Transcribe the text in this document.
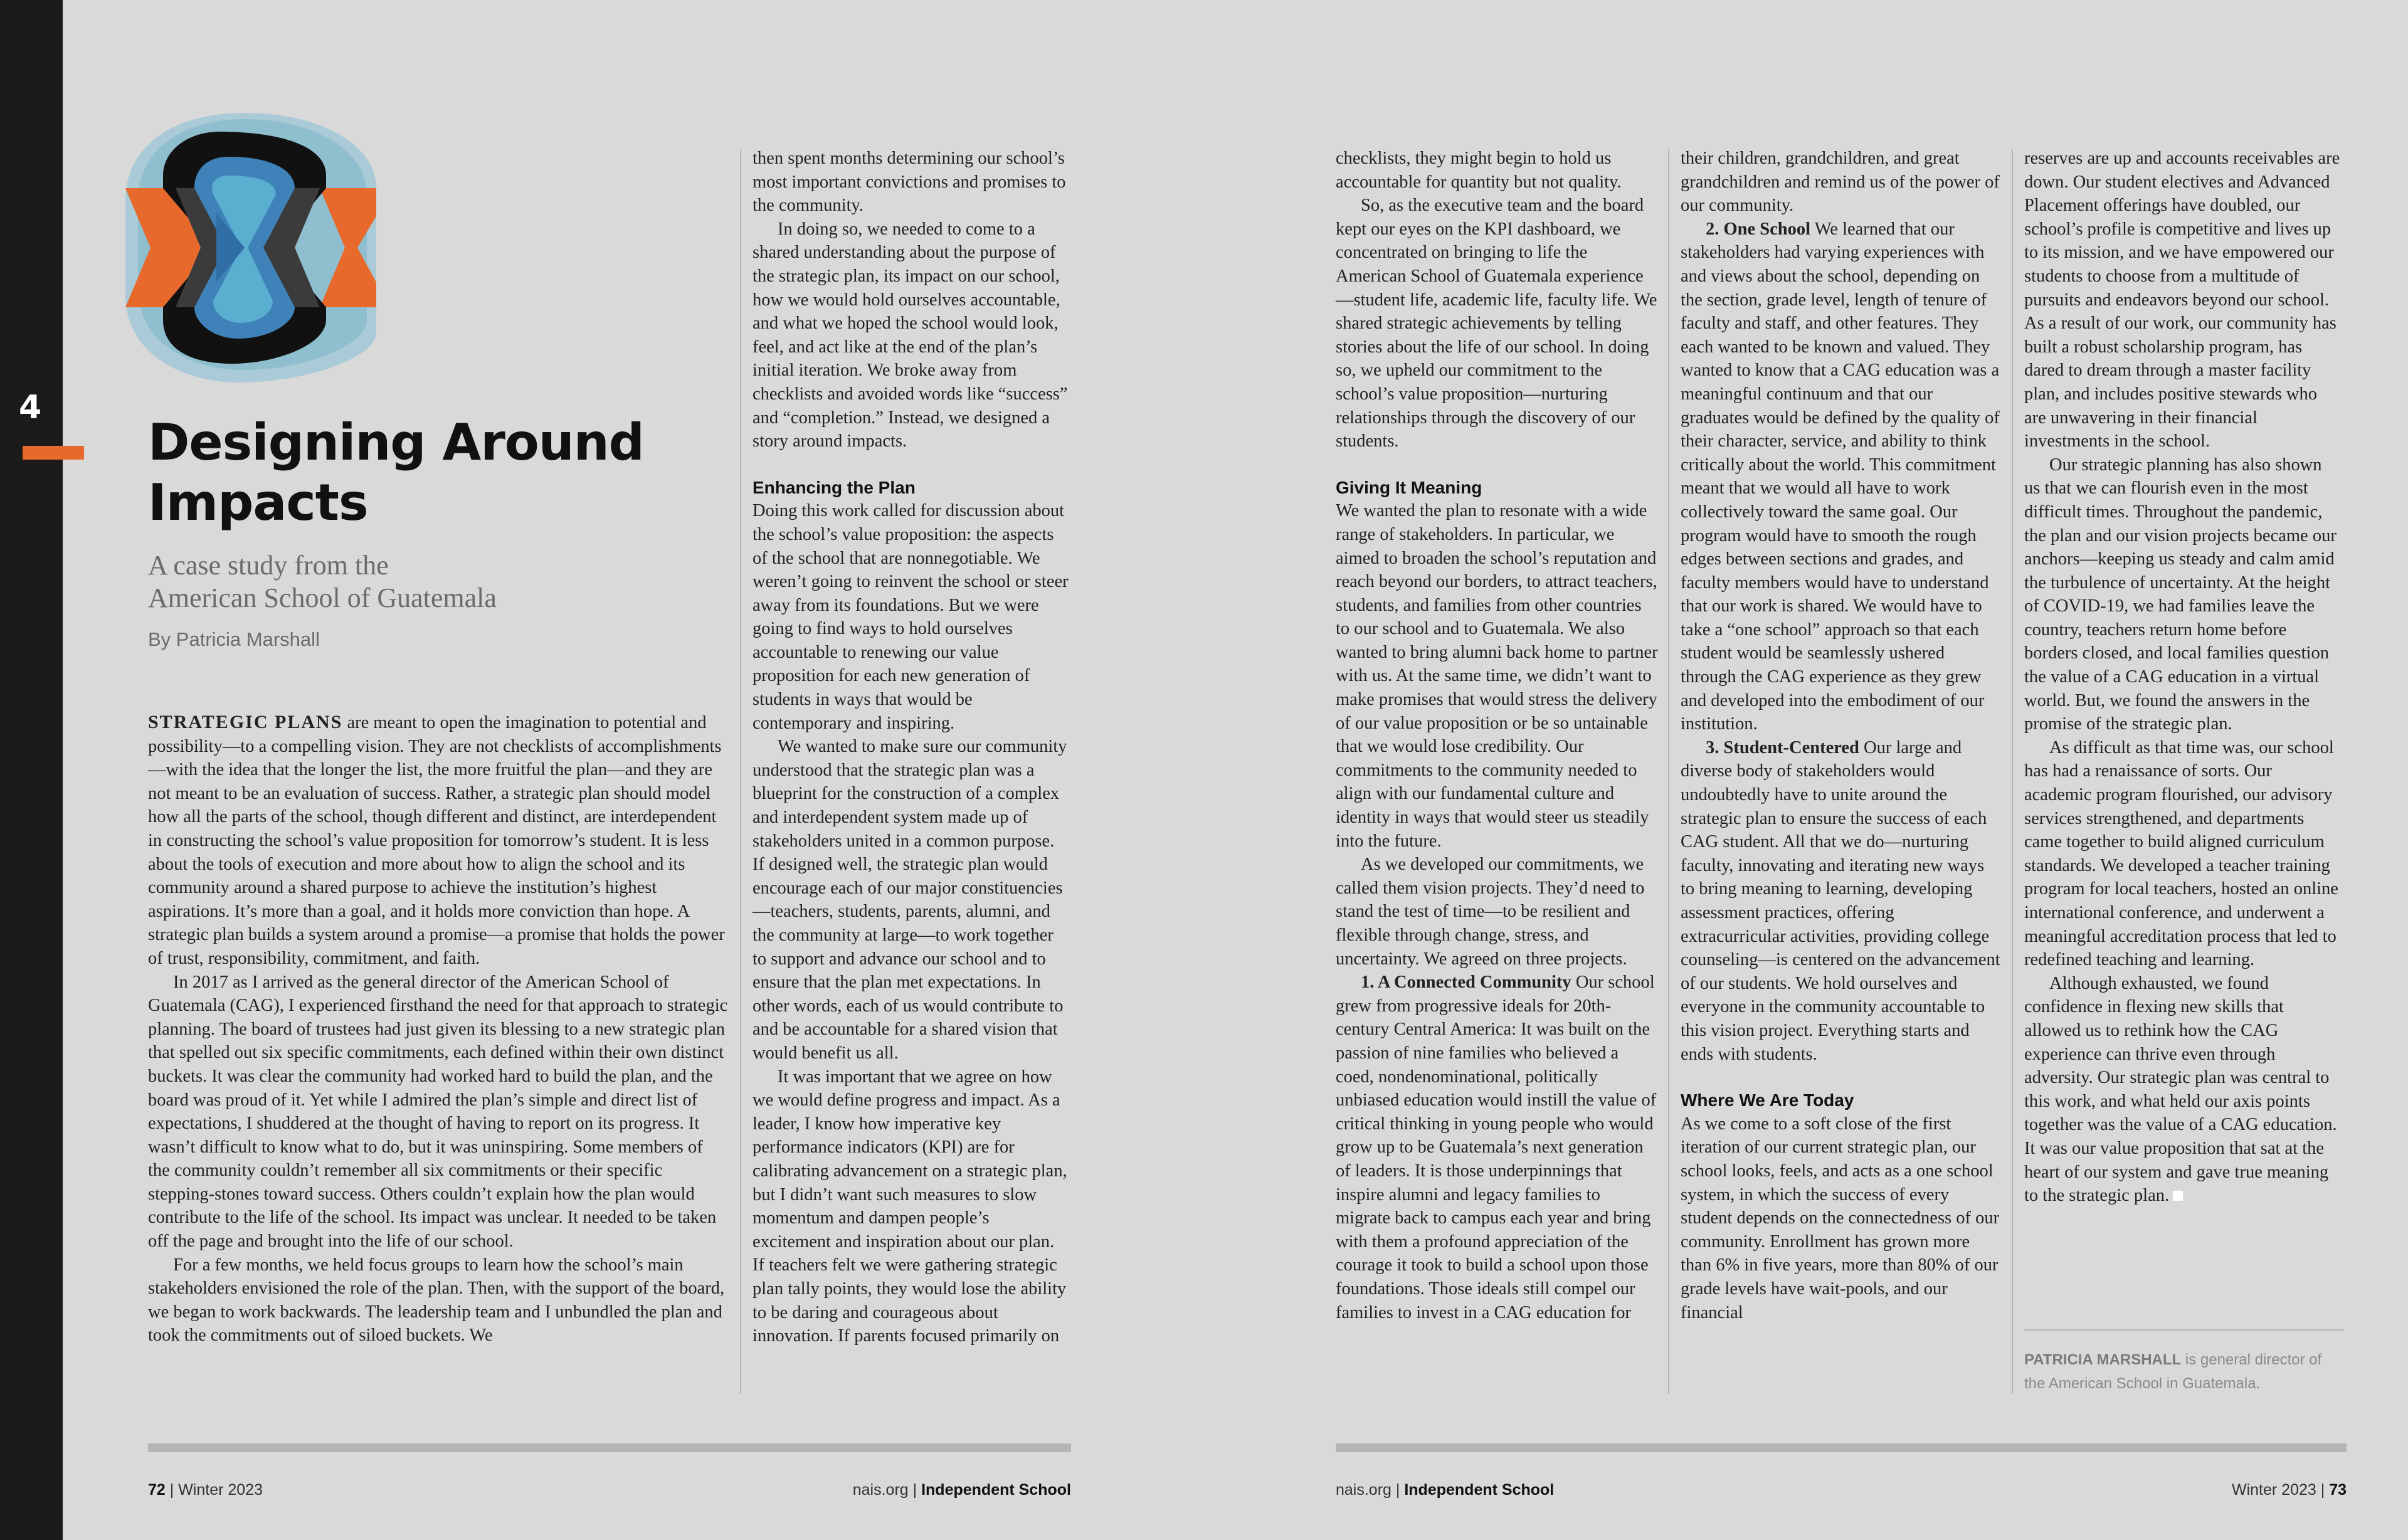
4
Designing Around
Impacts
A case study from the
American School of Guatemala
By Patricia Marshall

STRATEGIC PLANS are meant to open the imagination to potential and possibility—to a compelling vision. They are not checklists of accomplishments—with the idea that the longer the list, the more fruitful the plan—and they are not meant to be an evaluation of success. Rather, a strategic plan should model how all the parts of the school, though different and distinct, are interdependent in constructing the school’s value proposition for tomorrow’s student. It is less about the tools of execution and more about how to align the school and its community around a shared purpose to achieve the institution’s highest aspirations. It’s more than a goal, and it holds more conviction than hope. A strategic plan builds a system around a promise—a promise that holds the power of trust, responsibility, commitment, and faith.

In 2017 as I arrived as the general director of the American School of Guatemala (CAG), I experienced firsthand the need for that approach to strategic planning. The board of trustees had just given its blessing to a new strategic plan that spelled out six specific commitments, each defined within their own distinct buckets. It was clear the community had worked hard to build the plan, and the board was proud of it. Yet while I admired the plan’s simple and direct list of expectations, I shuddered at the thought of having to report on its progress. It wasn’t difficult to know what to do, but it was uninspiring. Some members of the community couldn’t remember all six commitments or their specific stepping-stones toward success. Others couldn’t explain how the plan would contribute to the life of the school. Its impact was unclear. It needed to be taken off the page and brought into the life of our school.

For a few months, we held focus groups to learn how the school’s main stakeholders envisioned the role of the plan. Then, with the support of the board, we began to work backwards. The leadership team and I unbundled the plan and took the commitments out of siloed buckets. We

then spent months determining our school’s most important convictions and promises to the community.

In doing so, we needed to come to a shared understanding about the purpose of the strategic plan, its impact on our school, how we would hold ourselves accountable, and what we hoped the school would look, feel, and act like at the end of the plan’s initial iteration. We broke away from checklists and avoided words like “success” and “completion.” Instead, we designed a story around impacts.

Enhancing the Plan

Doing this work called for discussion about the school’s value proposition: the aspects of the school that are nonnegotiable. We weren’t going to reinvent the school or steer away from its foundations. But we were going to find ways to hold ourselves accountable to renewing our value proposition for each new generation of students in ways that would be contemporary and inspiring.

We wanted to make sure our community understood that the strategic plan was a blueprint for the construction of a complex and interdependent system made up of stakeholders united in a common purpose. If designed well, the strategic plan would encourage each of our major constituencies—teachers, students, parents, alumni, and the community at large—to work together to support and advance our school and to ensure that the plan met expectations. In other words, each of us would contribute to and be accountable for a shared vision that would benefit us all.

It was important that we agree on how we would define progress and impact. As a leader, I know how imperative key performance indicators (KPI) are for calibrating advancement on a strategic plan, but I didn’t want such measures to slow momentum and dampen people’s excitement and inspiration about our plan. If teachers felt we were gathering strategic plan tally points, they would lose the ability to be daring and courageous about innovation. If parents focused primarily on

checklists, they might begin to hold us accountable for quantity but not quality.

So, as the executive team and the board kept our eyes on the KPI dashboard, we concentrated on bringing to life the American School of Guatemala experience—student life, academic life, faculty life. We shared strategic achievements by telling stories about the life of our school. In doing so, we upheld our commitment to the school’s value proposition—nurturing relationships through the discovery of our students.

Giving It Meaning

We wanted the plan to resonate with a wide range of stakeholders. In particular, we aimed to broaden the school’s reputation and reach beyond our borders, to attract teachers, students, and families from other countries to our school and to Guatemala. We also wanted to bring alumni back home to partner with us. At the same time, we didn’t want to make promises that would stress the delivery of our value proposition or be so untainable that we would lose credibility. Our commitments to the community needed to align with our fundamental culture and identity in ways that would steer us steadily into the future.

As we developed our commitments, we called them vision projects. They’d need to stand the test of time—to be resilient and flexible through change, stress, and uncertainty. We agreed on three projects.

1. A Connected Community Our school grew from progressive ideals for 20th-century Central America: It was built on the passion of nine families who believed a coed, nondenominational, politically unbiased education would instill the value of critical thinking in young people who would grow up to be Guatemala’s next generation of leaders. It is those underpinnings that inspire alumni and legacy families to migrate back to campus each year and bring with them a profound appreciation of the courage it took to build a school upon those foundations. Those ideals still compel our families to invest in a CAG education for

their children, grandchildren, and great grandchildren and remind us of the power of our community.

2. One School We learned that our stakeholders had varying experiences with and views about the school, depending on the section, grade level, length of tenure of faculty and staff, and other features. They each wanted to be known and valued. They wanted to know that a CAG education was a meaningful continuum and that our graduates would be defined by the quality of their character, service, and ability to think critically about the world. This commitment meant that we would all have to work collectively toward the same goal. Our program would have to smooth the rough edges between sections and grades, and faculty members would have to understand that our work is shared. We would have to take a “one school” approach so that each student would be seamlessly ushered through the CAG experience as they grew and developed into the embodiment of our institution.

3. Student-Centered Our large and diverse body of stakeholders would undoubtedly have to unite around the strategic plan to ensure the success of each CAG student. All that we do—nurturing faculty, innovating and iterating new ways to bring meaning to learning, developing assessment practices, offering extracurricular activities, providing college counseling—is centered on the advancement of our students. We hold ourselves and everyone in the community accountable to this vision project. Everything starts and ends with students.

Where We Are Today

As we come to a soft close of the first iteration of our current strategic plan, our school looks, feels, and acts as a one school system, in which the success of every student depends on the connectedness of our community. Enrollment has grown more than 6% in five years, more than 80% of our grade levels have wait-pools, and our financial

reserves are up and accounts receivables are down. Our student electives and Advanced Placement offerings have doubled, our school’s profile is competitive and lives up to its mission, and we have empowered our students to choose from a multitude of pursuits and endeavors beyond our school. As a result of our work, our community has built a robust scholarship program, has dared to dream through a master facility plan, and includes positive stewards who are unwavering in their financial investments in the school.

Our strategic planning has also shown us that we can flourish even in the most difficult times. Throughout the pandemic, the plan and our vision projects became our anchors—keeping us steady and calm amid the turbulence of uncertainty. At the height of COVID-19, we had families leave the country, teachers return home before borders closed, and local families question the value of a CAG education in a virtual world. But, we found the answers in the promise of the strategic plan.

As difficult as that time was, our school has had a renaissance of sorts. Our academic program flourished, our advisory services strengthened, and departments came together to build aligned curriculum standards. We developed a teacher training program for local teachers, hosted an online international conference, and underwent a meaningful accreditation process that led to redefined teaching and learning.

Although exhausted, we found confidence in flexing new skills that allowed us to rethink how the CAG experience can thrive even through adversity. Our strategic plan was central to this work, and what held our axis points together was the value of a CAG education. It was our value proposition that sat at the heart of our system and gave true meaning to the strategic plan.

PATRICIA MARSHALL is general director of the American School in Guatemala.
72 | Winter 2023	nais.org | Independent School	nais.org | Independent School	Winter 2023 | 73
